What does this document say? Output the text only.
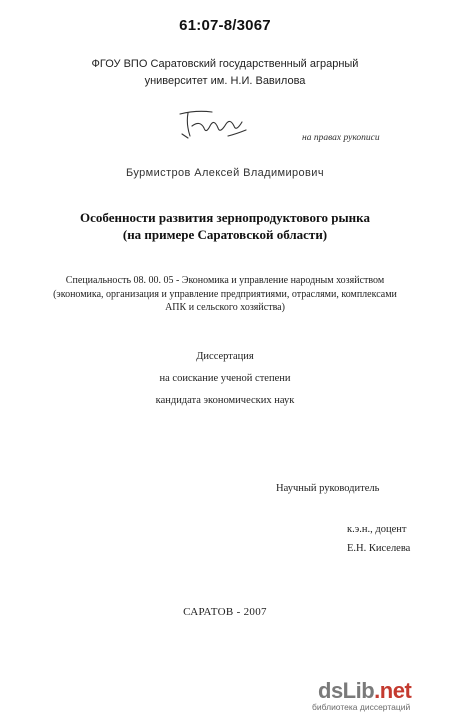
61:07-8/3067
ФГОУ ВПО Саратовский государственный аграрный
университет им. Н.И. Вавилова
на правах рукописи
Бурмистров Алексей Владимирович
Особенности развития зернопродуктового рынка
(на примере Саратовской области)
Специальность 08. 00. 05 - Экономика и управление народным хозяйством
(экономика, организация и управление предприятиями, отраслями, комплексами
АПК и сельского хозяйства)
Диссертация
на соискание ученой степени
кандидата экономических наук
Научный руководитель
к.э.н., доцент
Е.Н. Киселева
САРАТОВ - 2007
dsLib.net
библиотека диссертаций
